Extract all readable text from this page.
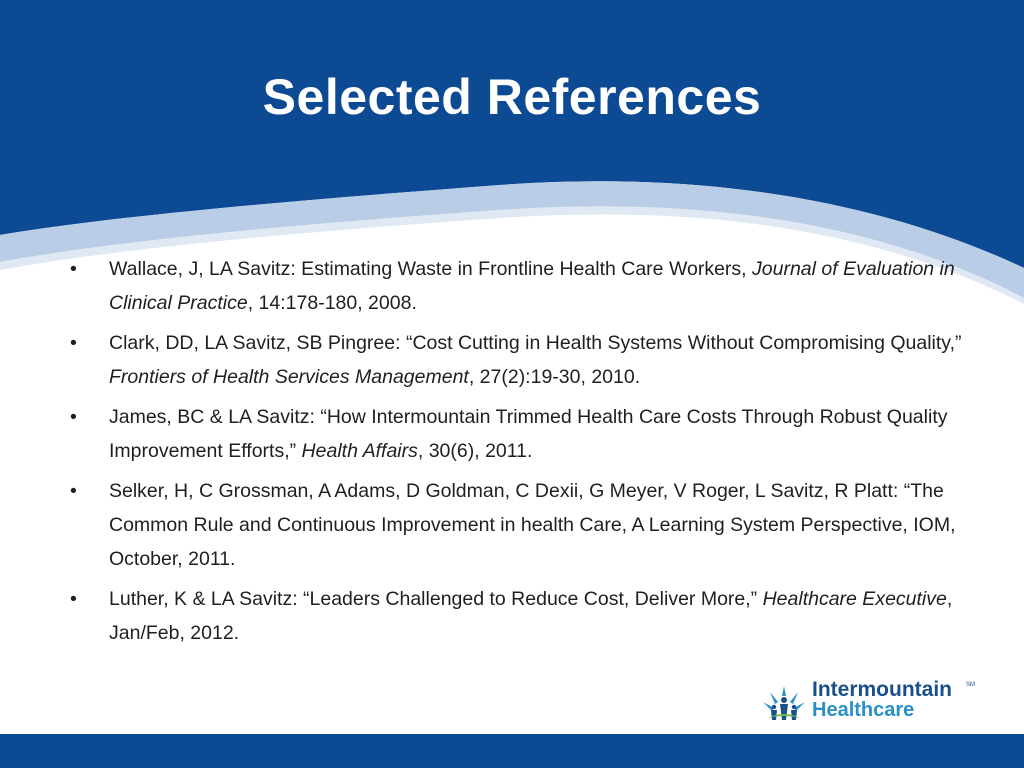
Selected References
• Wallace, J, LA Savitz: Estimating Waste in Frontline Health Care Workers, Journal of Evaluation in Clinical Practice, 14:178-180, 2008.
• Clark, DD, LA Savitz, SB Pingree: “Cost Cutting in Health Systems Without Compromising Quality,” Frontiers of Health Services Management, 27(2):19-30, 2010.
• James, BC & LA Savitz: “How Intermountain Trimmed Health Care Costs Through Robust Quality Improvement Efforts,” Health Affairs, 30(6), 2011.
• Selker, H, C Grossman, A Adams, D Goldman, C Dexii, G Meyer, V Roger, L Savitz, R Platt: “The Common Rule and Continuous Improvement in health Care, A Learning System Perspective, IOM, October, 2011.
• Luther, K & LA Savitz: “Leaders Challenged to Reduce Cost, Deliver More,” Healthcare Executive, Jan/Feb, 2012.
Intermountain
Healthcare
SM
